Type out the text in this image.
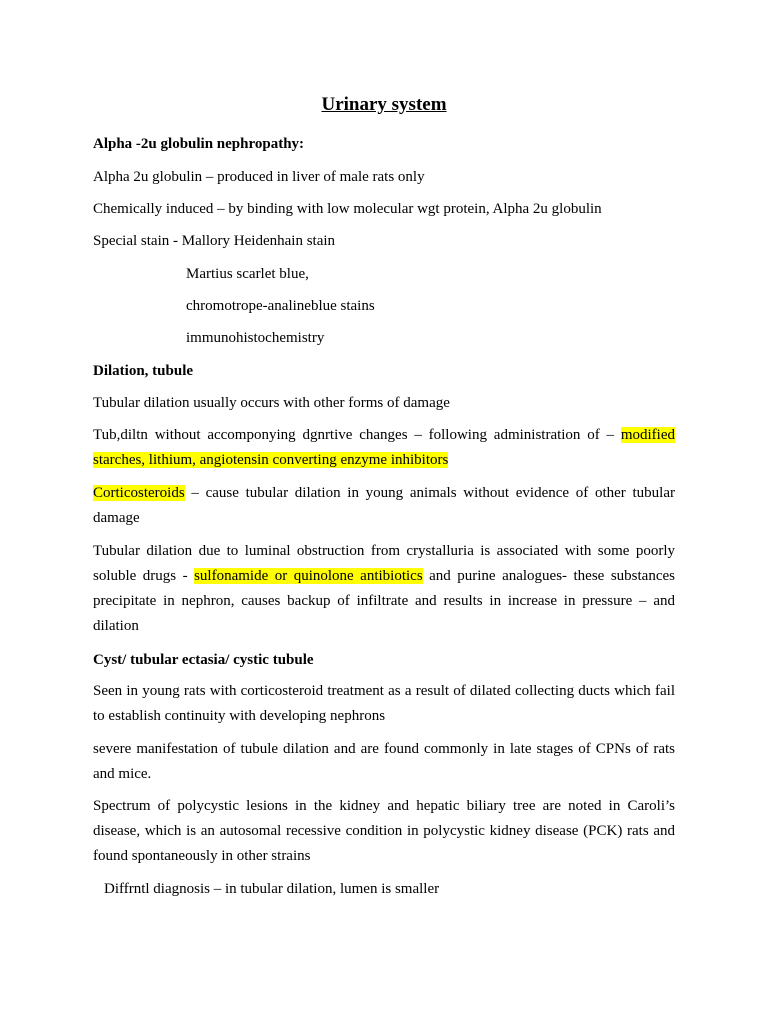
Urinary system
Alpha -2u globulin nephropathy:
Alpha 2u globulin – produced in liver of male rats only
Chemically induced – by binding with low molecular wgt protein, Alpha 2u globulin
Special stain - Mallory Heidenhain stain
Martius scarlet blue,
chromotrope-analineblue stains
immunohistochemistry
Dilation, tubule
Tubular dilation usually occurs with other forms of damage
Tub,diltn without accomponying dgnrtive changes – following administration of – modified starches, lithium, angiotensin converting enzyme inhibitors
Corticosteroids – cause tubular dilation in young animals without evidence of other tubular damage
Tubular dilation due to luminal obstruction from crystalluria is associated with some poorly soluble drugs - sulfonamide or quinolone antibiotics and purine analogues- these substances precipitate in nephron, causes backup of infiltrate and results in increase in pressure – and dilation
Cyst/ tubular ectasia/ cystic tubule
Seen in young rats with corticosteroid treatment as a result of dilated collecting ducts which fail to establish continuity with developing nephrons
severe manifestation of tubule dilation and are found commonly in late stages of CPNs of rats and mice.
Spectrum of polycystic lesions in the kidney and hepatic biliary tree are noted in Caroli’s disease, which is an autosomal recessive condition in polycystic kidney disease (PCK) rats and found spontaneously in other strains
Diffrntl diagnosis – in tubular dilation, lumen is smaller
